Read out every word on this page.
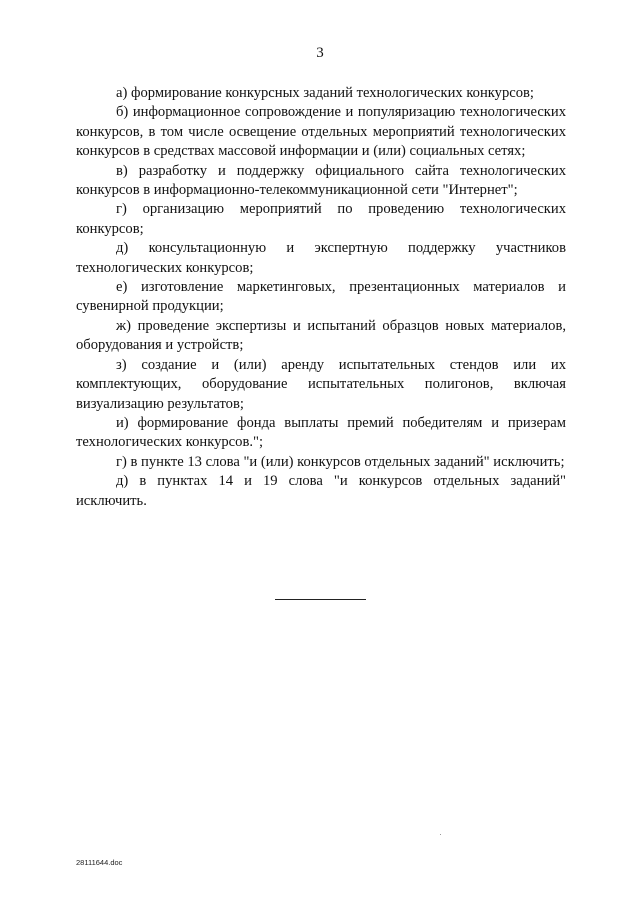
3

а) формирование конкурсных заданий технологических конкурсов;

б) информационное сопровождение и популяризацию технологических конкурсов, в том числе освещение отдельных мероприятий технологических конкурсов в средствах массовой информации и (или) социальных сетях;

в) разработку и поддержку официального сайта технологических конкурсов в информационно-телекоммуникационной сети "Интернет";

г) организацию мероприятий по проведению технологических конкурсов;

д) консультационную и экспертную поддержку участников технологических конкурсов;

е) изготовление маркетинговых, презентационных материалов и сувенирной продукции;

ж) проведение экспертизы и испытаний образцов новых материалов, оборудования и устройств;

з) создание и (или) аренду испытательных стендов или их комплектующих, оборудование испытательных полигонов, включая визуализацию результатов;

и) формирование фонда выплаты премий победителям и призерам технологических конкурсов.";

г) в пункте 13 слова "и (или) конкурсов отдельных заданий" исключить;

д) в пунктах 14 и 19 слова "и конкурсов отдельных заданий" исключить.

28111644.doc
